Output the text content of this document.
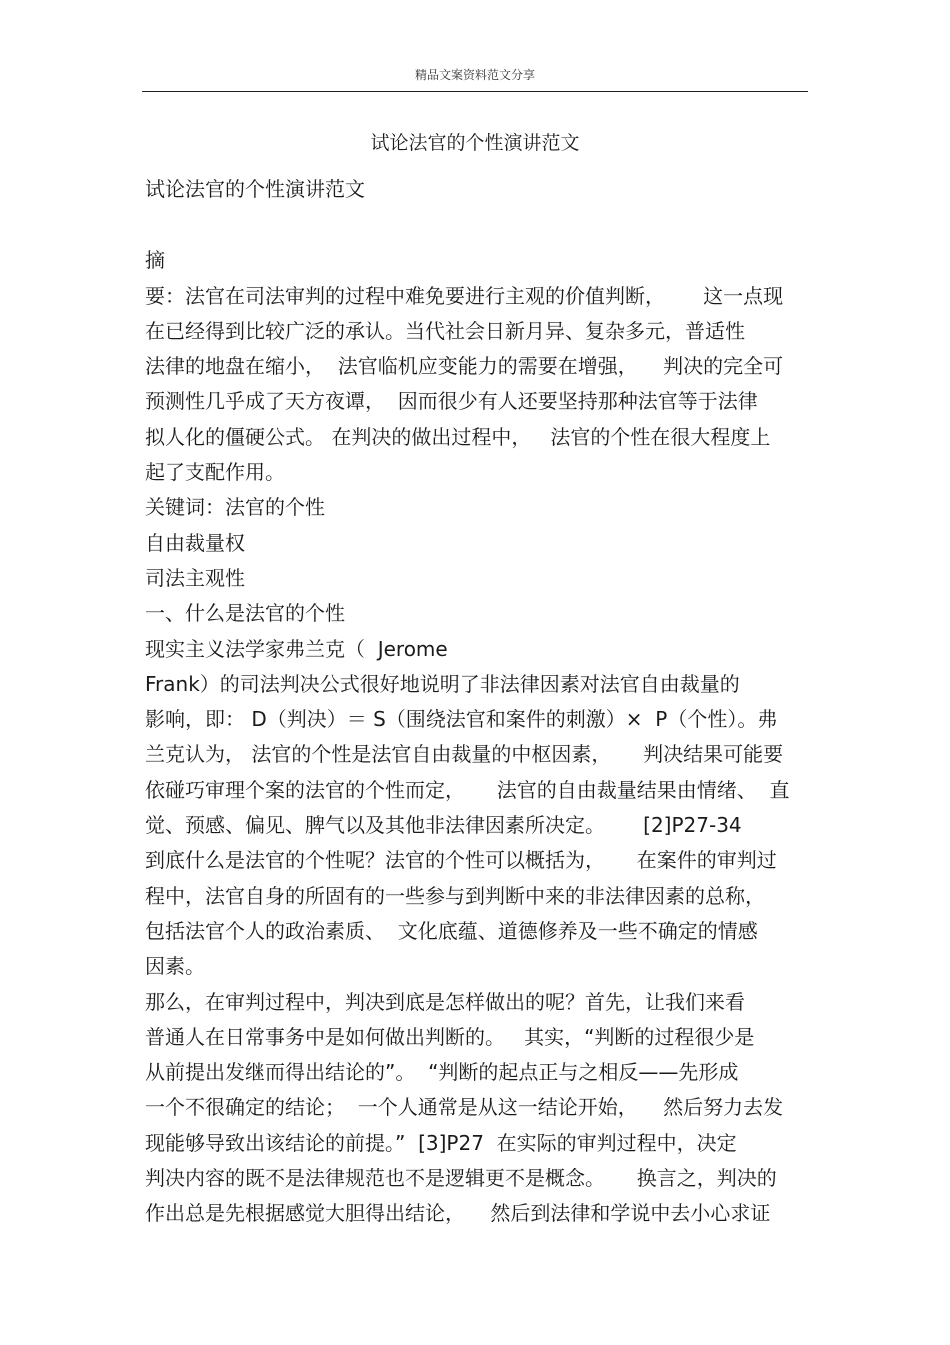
精品文案资料范文分享
试论法官的个性演讲范文
试论法官的个性演讲范文
摘
要：法官在司法审判的过程中难免要进行主观的价值判断，      这一点现
在已经得到比较广泛的承认。当代社会日新月异、复杂多元，普适性
法律的地盘在缩小，  法官临机应变能力的需要在增强，    判决的完全可
预测性几乎成了天方夜谭，  因而很少有人还要坚持那种法官等于法律
拟人化的僵硬公式。 在判决的做出过程中，   法官的个性在很大程度上
起了支配作用。
关键词：法官的个性
自由裁量权
司法主观性
一、什么是法官的个性
现实主义法学家弗兰克（  Jerome
Frank）的司法判决公式很好地说明了非法律因素对法官自由裁量的
影响，即： D（判决）＝ S（围绕法官和案件的刺激）×  P（个性）。弗
兰克认为， 法官的个性是法官自由裁量的中枢因素，     判决结果可能要
依碰巧审理个案的法官的个性而定，     法官的自由裁量结果由情绪、  直
觉、预感、偏见、脾气以及其他非法律因素所决定。      [2]P27-34
到底什么是法官的个性呢？法官的个性可以概括为，     在案件的审判过
程中，法官自身的所固有的一些参与到判断中来的非法律因素的总称，
包括法官个人的政治素质、  文化底蕴、道德修养及一些不确定的情感
因素。
那么，在审判过程中，判决到底是怎样做出的呢？首先，让我们来看
普通人在日常事务中是如何做出判断的。   其实，“判断的过程很少是
从前提出发继而得出结论的”。  “判断的起点正与之相反——先形成
一个不很确定的结论；  一个人通常是从这一结论开始，    然后努力去发
现能够导致出该结论的前提。”  [3]P27  在实际的审判过程中，决定
判决内容的既不是法律规范也不是逻辑更不是概念。     换言之，判决的
作出总是先根据感觉大胆得出结论，    然后到法律和学说中去小心求证
